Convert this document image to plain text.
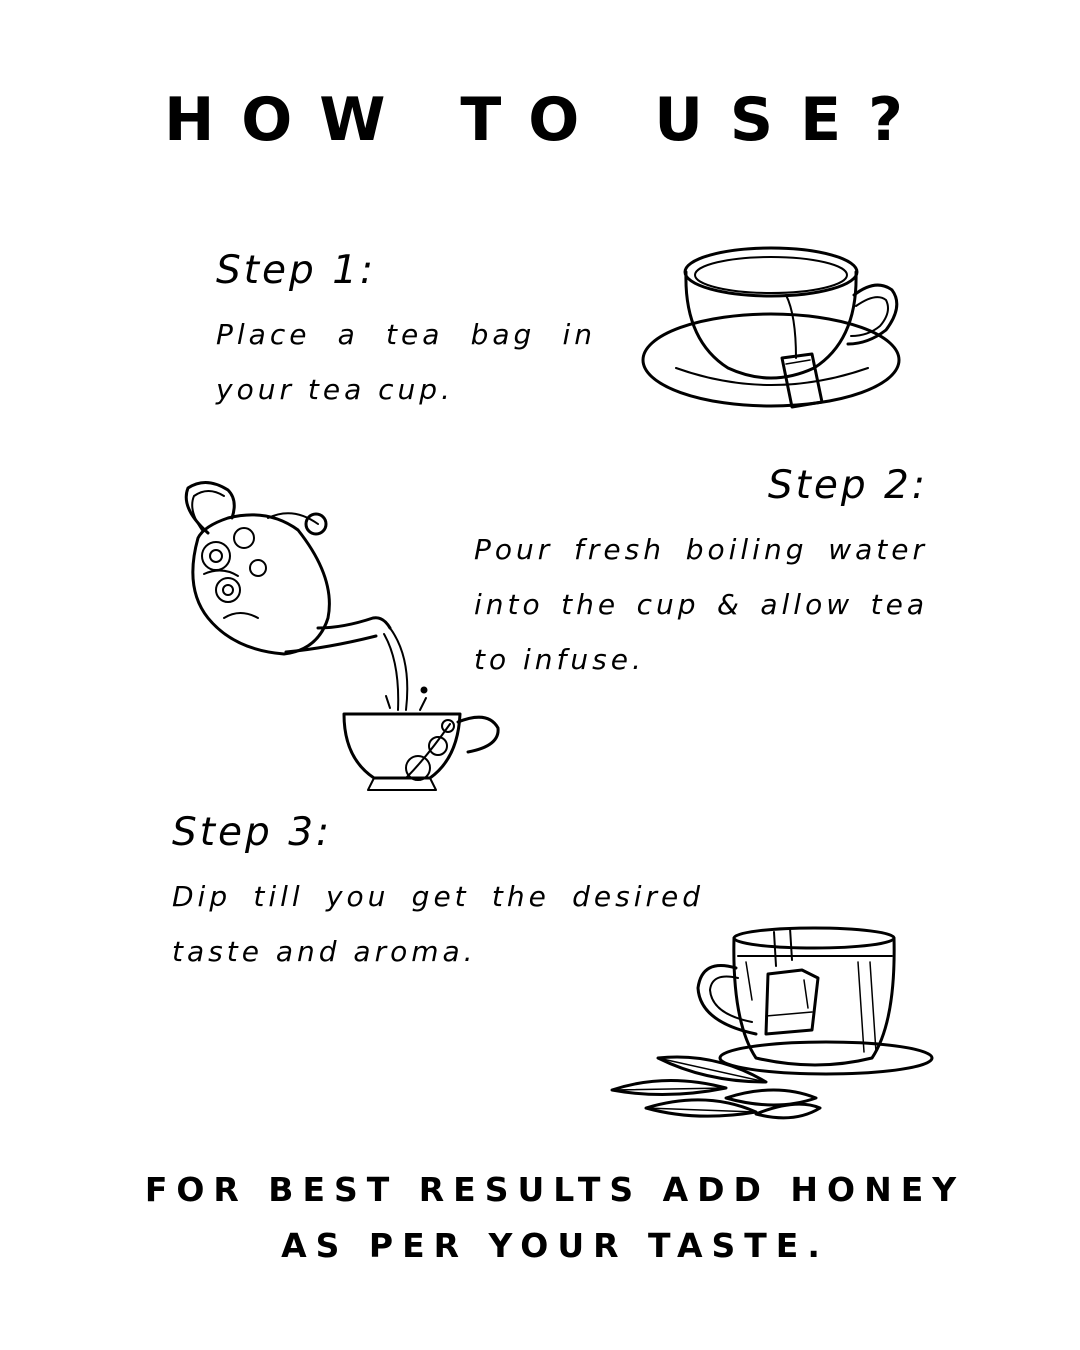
HOW TO USE?
Step 1:
Place a tea bag in your tea cup.
Step 2:
Pour fresh boiling water into the cup & allow tea to infuse.
Step 3:
Dip till you get the desired taste and aroma.
FOR BEST RESULTS ADD HONEY
AS PER YOUR TASTE.
